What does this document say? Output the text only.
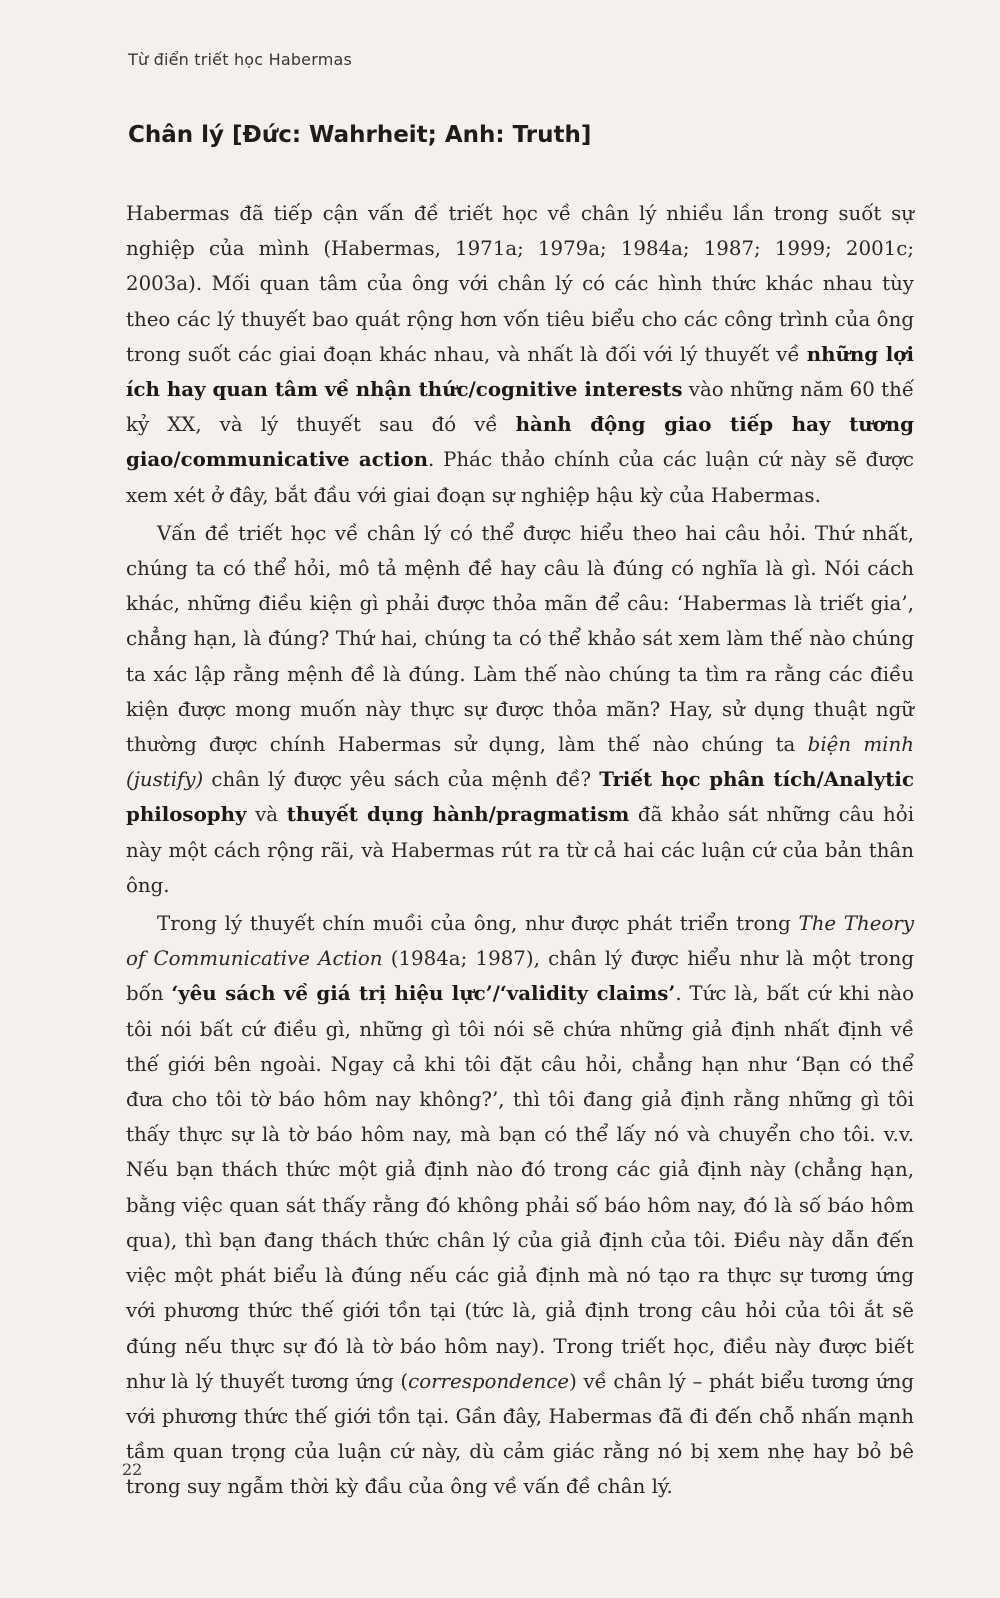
Từ điển triết học Habermas
Chân lý [Đức: Wahrheit; Anh: Truth]

Habermas đã tiếp cận vấn đề triết học về chân lý nhiều lần trong suốt sự nghiệp của mình (Habermas, 1971a; 1979a; 1984a; 1987; 1999; 2001c; 2003a). Mối quan tâm của ông với chân lý có các hình thức khác nhau tùy theo các lý thuyết bao quát rộng hơn vốn tiêu biểu cho các công trình của ông trong suốt các giai đoạn khác nhau, và nhất là đối với lý thuyết về những lợi ích hay quan tâm về nhận thức/cognitive interests vào những năm 60 thế kỷ XX, và lý thuyết sau đó về hành động giao tiếp hay tương giao/communicative action. Phác thảo chính của các luận cứ này sẽ được xem xét ở đây, bắt đầu với giai đoạn sự nghiệp hậu kỳ của Habermas.

Vấn đề triết học về chân lý có thể được hiểu theo hai câu hỏi. Thứ nhất, chúng ta có thể hỏi, mô tả mệnh đề hay câu là đúng có nghĩa là gì. Nói cách khác, những điều kiện gì phải được thỏa mãn để câu: ‘Habermas là triết gia’, chẳng hạn, là đúng? Thứ hai, chúng ta có thể khảo sát xem làm thế nào chúng ta xác lập rằng mệnh đề là đúng. Làm thế nào chúng ta tìm ra rằng các điều kiện được mong muốn này thực sự được thỏa mãn? Hay, sử dụng thuật ngữ thường được chính Habermas sử dụng, làm thế nào chúng ta biện minh (justify) chân lý được yêu sách của mệnh đề? Triết học phân tích/Analytic philosophy và thuyết dụng hành/pragmatism đã khảo sát những câu hỏi này một cách rộng rãi, và Habermas rút ra từ cả hai các luận cứ của bản thân ông.

Trong lý thuyết chín muồi của ông, như được phát triển trong The Theory of Communicative Action (1984a; 1987), chân lý được hiểu như là một trong bốn ‘yêu sách về giá trị hiệu lực’/‘validity claims’. Tức là, bất cứ khi nào tôi nói bất cứ điều gì, những gì tôi nói sẽ chứa những giả định nhất định về thế giới bên ngoài. Ngay cả khi tôi đặt câu hỏi, chẳng hạn như ‘Bạn có thể đưa cho tôi tờ báo hôm nay không?’, thì tôi đang giả định rằng những gì tôi thấy thực sự là tờ báo hôm nay, mà bạn có thể lấy nó và chuyển cho tôi. v.v. Nếu bạn thách thức một giả định nào đó trong các giả định này (chẳng hạn, bằng việc quan sát thấy rằng đó không phải số báo hôm nay, đó là số báo hôm qua), thì bạn đang thách thức chân lý của giả định của tôi. Điều này dẫn đến việc một phát biểu là đúng nếu các giả định mà nó tạo ra thực sự tương ứng với phương thức thế giới tồn tại (tức là, giả định trong câu hỏi của tôi ắt sẽ đúng nếu thực sự đó là tờ báo hôm nay). Trong triết học, điều này được biết như là lý thuyết tương ứng (correspondence) về chân lý – phát biểu tương ứng với phương thức thế giới tồn tại. Gần đây, Habermas đã đi đến chỗ nhấn mạnh tầm quan trọng của luận cứ này, dù cảm giác rằng nó bị xem nhẹ hay bỏ bê trong suy ngẫm thời kỳ đầu của ông về vấn đề chân lý.

22
